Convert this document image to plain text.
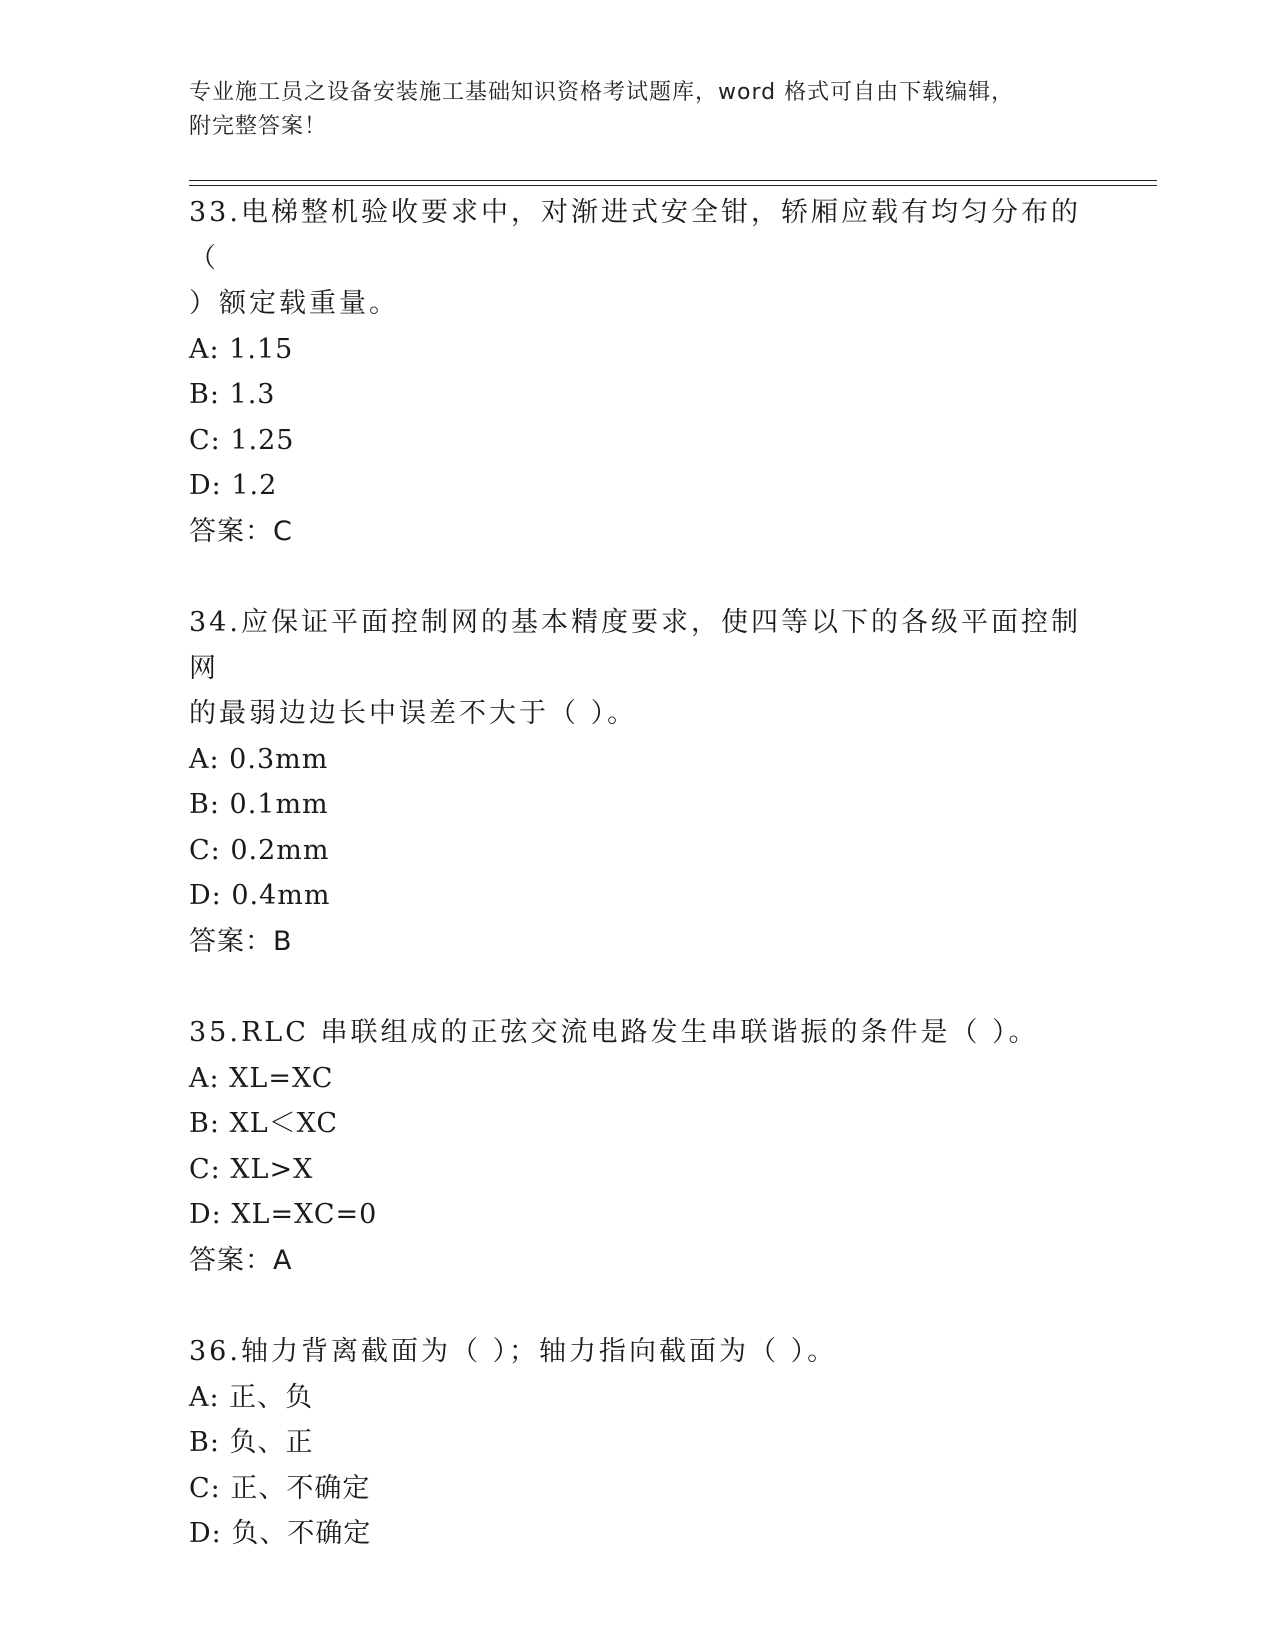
专业施工员之设备安装施工基础知识资格考试题库，word 格式可自由下载编辑，
附完整答案！

33.电梯整机验收要求中，对渐进式安全钳，轿厢应载有均匀分布的（

）额定载重量。

A: 1.15

B: 1.3

C: 1.25

D: 1.2

答案：C

34.应保证平面控制网的基本精度要求，使四等以下的各级平面控制网

的最弱边边长中误差不大于（ ）。

A: 0.3mm

B: 0.1mm

C: 0.2mm

D: 0.4mm

答案：B

35.RLC 串联组成的正弦交流电路发生串联谐振的条件是（ ）。

A: XL=XC

B: XL＜XC

C: XL>X

D: XL=XC=0

答案：A

36.轴力背离截面为（ ）；轴力指向截面为（ ）。

A: 正、负

B: 负、正

C: 正、不确定

D: 负、不确定
